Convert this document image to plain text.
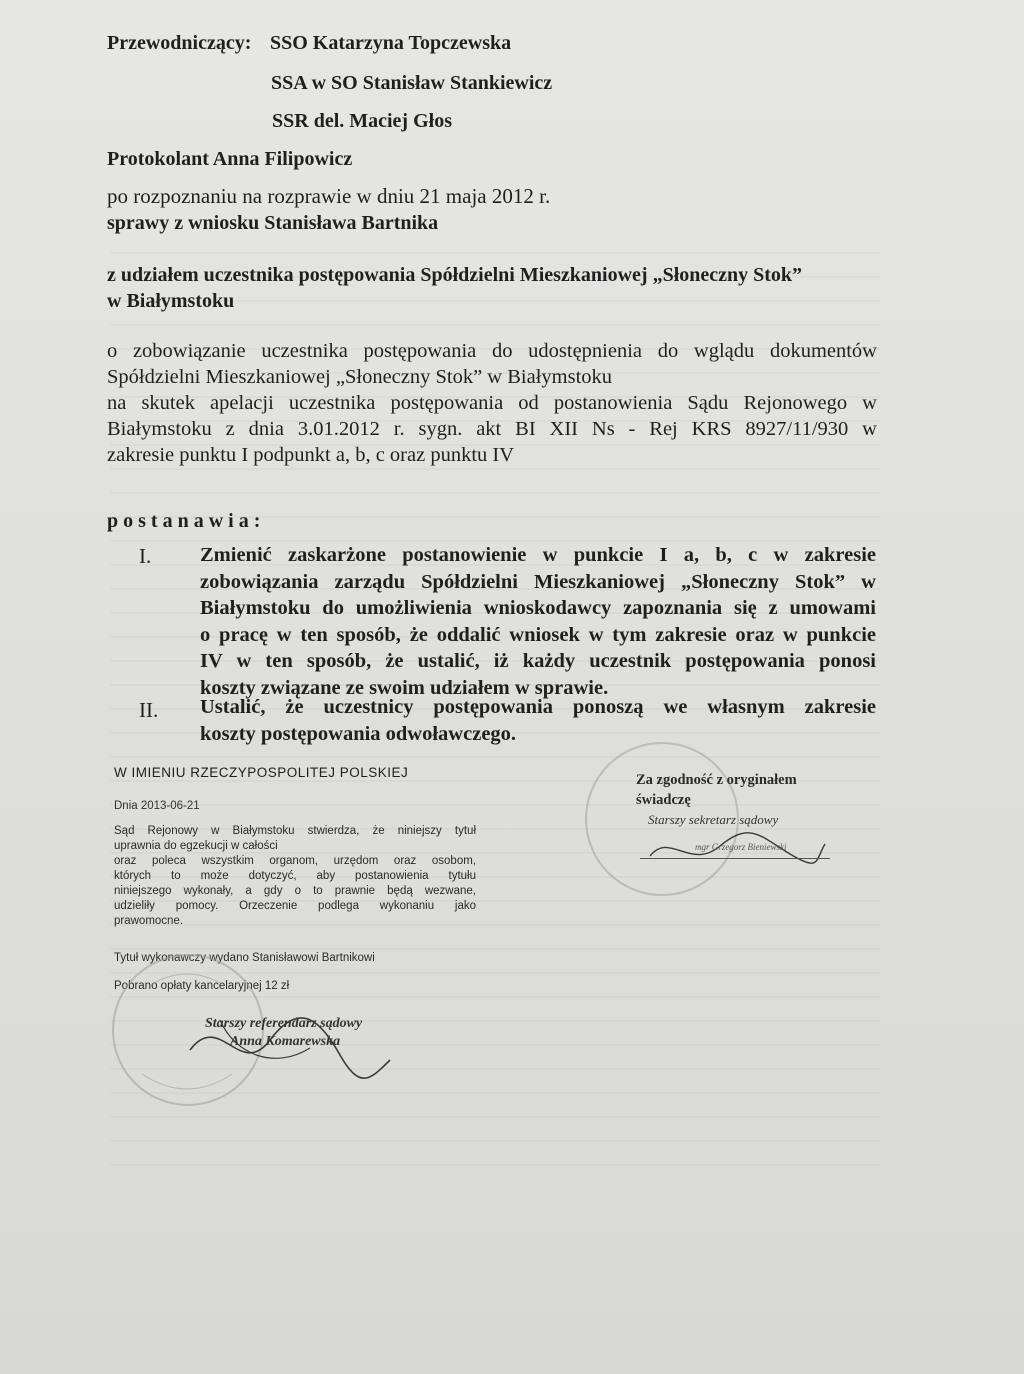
Przewodniczący: SSO Katarzyna Topczewska
SSA w SO Stanisław Stankiewicz
SSR del. Maciej Głos
Protokolant Anna Filipowicz
po rozpoznaniu na rozprawie w dniu 21 maja 2012 r.
sprawy z wniosku Stanisława Bartnika
z udziałem uczestnika postępowania Spółdzielni Mieszkaniowej „Słoneczny Stok”
w Białymstoku
o zobowiązanie uczestnika postępowania do udostępnienia do wglądu dokumentów
Spółdzielni Mieszkaniowej „Słoneczny Stok” w Białymstoku
na skutek apelacji uczestnika postępowania od postanowienia Sądu Rejonowego w
Białymstoku z dnia 3.01.2012 r. sygn. akt BI XII Ns - Rej KRS 8927/11/930 w
zakresie punktu I podpunkt a, b, c oraz punktu IV
postanawia:
I. Zmienić zaskarżone postanowienie w punkcie I a, b, c w zakresie
zobowiązania zarządu Spółdzielni Mieszkaniowej „Słoneczny Stok” w
Białymstoku do umożliwienia wnioskodawcy zapoznania się z umowami
o pracę w ten sposób, że oddalić wniosek w tym zakresie oraz w punkcie
IV w ten sposób, że ustalić, iż każdy uczestnik postępowania ponosi
koszty związane ze swoim udziałem w sprawie.
II. Ustalić, że uczestnicy postępowania ponoszą we własnym zakresie
koszty postępowania odwoławczego.
W IMIENIU RZECZYPOSPOLITEJ POLSKIEJ
Dnia 2013-06-21
Sąd Rejonowy w Białymstoku stwierdza, że niniejszy tytuł
uprawnia do egzekucji w całości
oraz poleca wszystkim organom, urzędom oraz osobom,
których to może dotyczyć, aby postanowienia tytułu
niniejszego wykonały, a gdy o to prawnie będą wezwane,
udzieliły pomocy. Orzeczenie podlega wykonaniu jako
prawomocne.
Tytuł wykonawczy wydano Stanisławowi Bartnikowi
Pobrano opłaty kancelaryjnej 12 zł
Starszy referendarz sądowy
Anna Komarewska
Za zgodność z oryginałem
świadczę
Starszy sekretarz sądowy
mgr Grzegorz Bieniewski
